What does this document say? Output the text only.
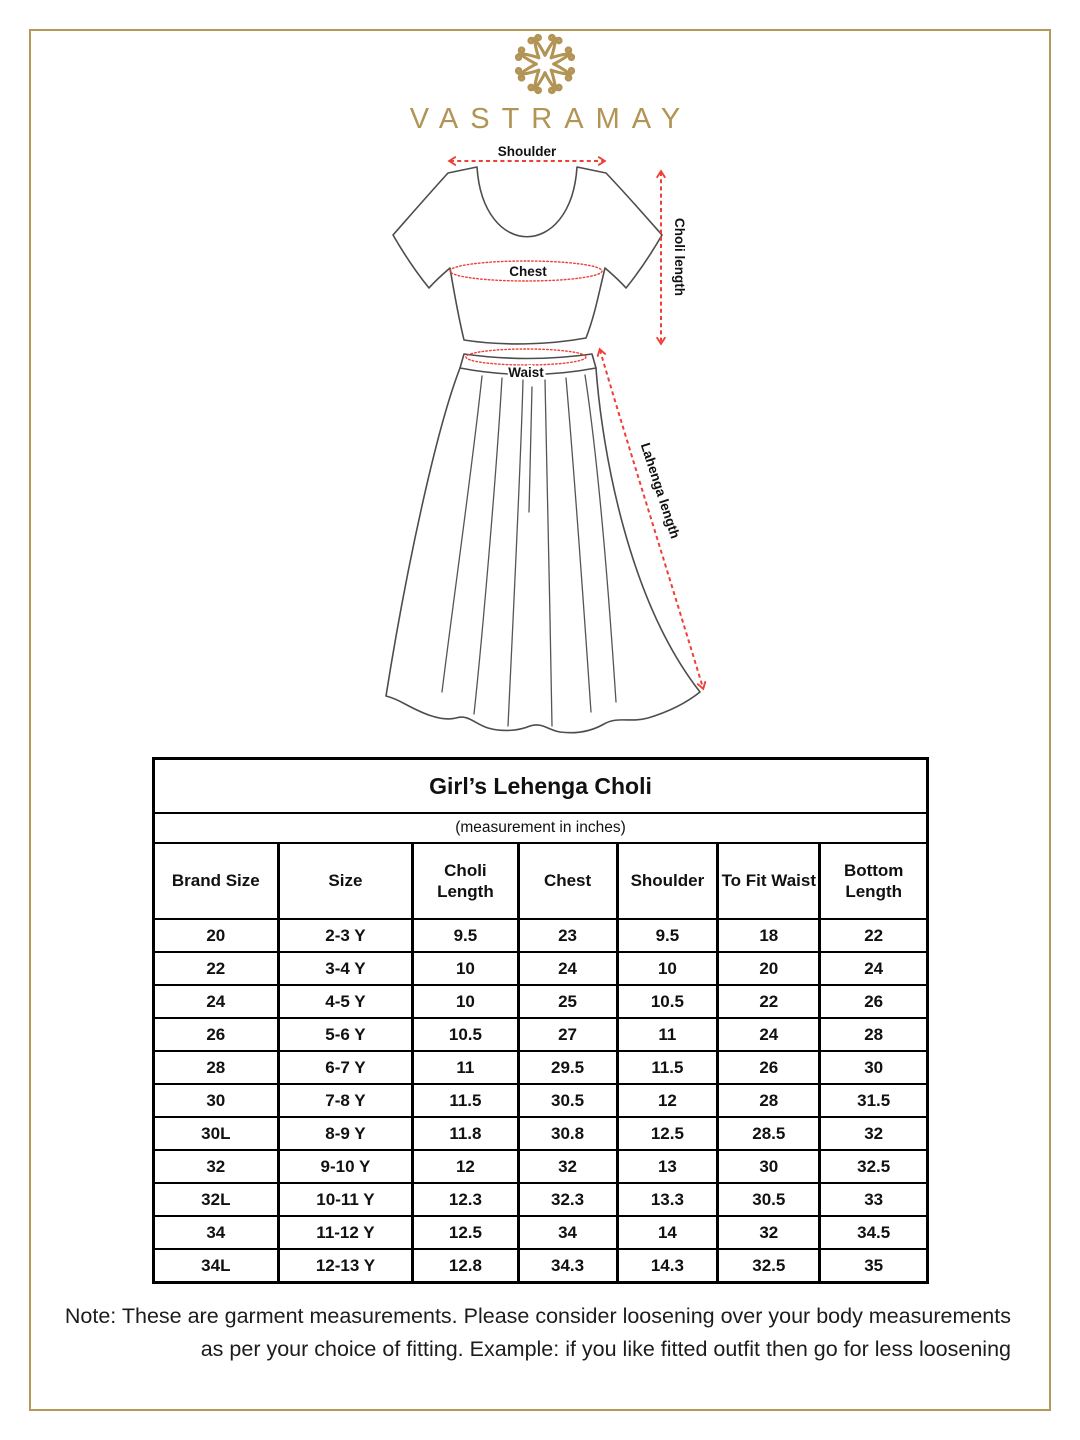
VASTRAMAY
Shoulder
Chest
Waist
Choli length
Lahenga length
Girl’s Lehenga Choli						
(measurement in inches)						
Brand Size	Size	Choli Length	Chest	Shoulder	To Fit Waist	Bottom Length
20	2-3 Y	9.5	23	9.5	18	22
22	3-4 Y	10	24	10	20	24
24	4-5 Y	10	25	10.5	22	26
26	5-6 Y	10.5	27	11	24	28
28	6-7 Y	11	29.5	11.5	26	30
30	7-8 Y	11.5	30.5	12	28	31.5
30L	8-9 Y	11.8	30.8	12.5	28.5	32
32	9-10 Y	12	32	13	30	32.5
32L	10-11 Y	12.3	32.3	13.3	30.5	33
34	11-12 Y	12.5	34	14	32	34.5
34L	12-13 Y	12.8	34.3	14.3	32.5	35
Note: These are garment measurements. Please consider loosening over your body measurements
as per your choice of fitting. Example: if you like fitted outfit then go for less loosening
